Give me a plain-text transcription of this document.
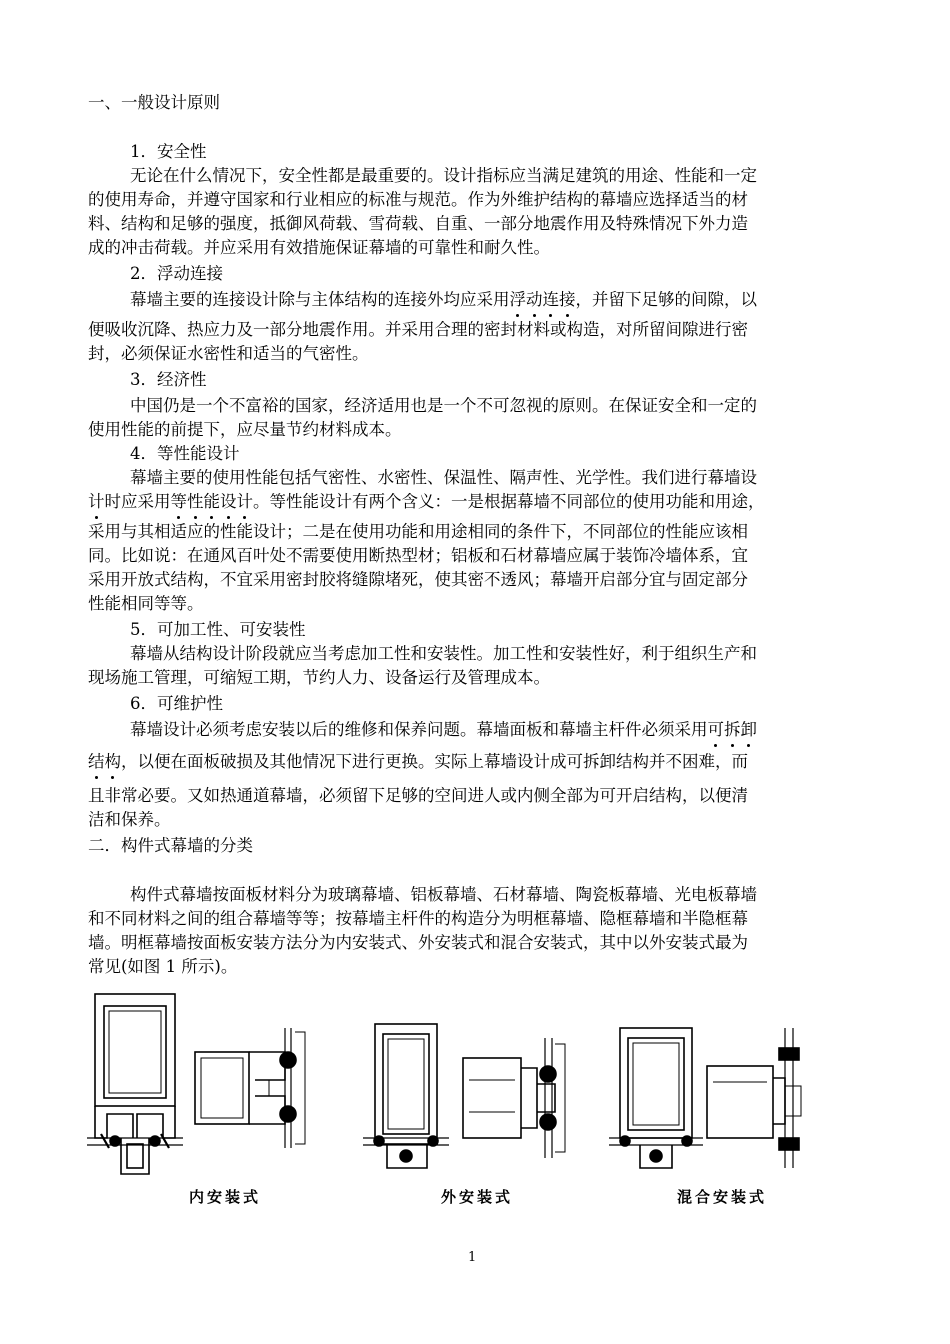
一、一般设计原则
1．安全性
无论在什么情况下，安全性都是最重要的。设计指标应当满足建筑的用途、性能和一定
的使用寿命，并遵守国家和行业相应的标准与规范。作为外维护结构的幕墙应选择适当的材
料、结构和足够的强度，抵御风荷载、雪荷载、自重、一部分地震作用及特殊情况下外力造
成的冲击荷载。并应采用有效措施保证幕墙的可靠性和耐久性。
2．浮动连接
幕墙主要的连接设计除与主体结构的连接外均应采用浮动连接，并留下足够的间隙，以
便吸收沉降、热应力及一部分地震作用。并采用合理的密封材料或构造，对所留间隙进行密
封，必须保证水密性和适当的气密性。
3．经济性
中国仍是一个不富裕的国家，经济适用也是一个不可忽视的原则。在保证安全和一定的
使用性能的前提下，应尽量节约材料成本。
4．等性能设计
幕墙主要的使用性能包括气密性、水密性、保温性、隔声性、光学性。我们进行幕墙设
计时应采用等性能设计。等性能设计有两个含义：一是根据幕墙不同部位的使用功能和用途，
采用与其相适应的性能设计；二是在使用功能和用途相同的条件下，不同部位的性能应该相
同。比如说：在通风百叶处不需要使用断热型材；铝板和石材幕墙应属于装饰冷墙体系，宜
采用开放式结构，不宜采用密封胶将缝隙堵死，使其密不透风；幕墙开启部分宜与固定部分
性能相同等等。
5．可加工性、可安装性
幕墙从结构设计阶段就应当考虑加工性和安装性。加工性和安装性好，利于组织生产和
现场施工管理，可缩短工期，节约人力、设备运行及管理成本。
6．可维护性
幕墙设计必须考虑安装以后的维修和保养问题。幕墙面板和幕墙主杆件必须采用可拆卸
结构，以便在面板破损及其他情况下进行更换。实际上幕墙设计成可拆卸结构并不困难，而
且非常必要。又如热通道幕墙，必须留下足够的空间进人或内侧全部为可开启结构，以便清
洁和保养。
二．构件式幕墙的分类
构件式幕墙按面板材料分为玻璃幕墙、铝板幕墙、石材幕墙、陶瓷板幕墙、光电板幕墙
和不同材料之间的组合幕墙等等；按幕墙主杆件的构造分为明框幕墙、隐框幕墙和半隐框幕
墙。明框幕墙按面板安装方法分为内安装式、外安装式和混合安装式，其中以外安装式最为
常见(如图 1 所示)。
内安装式	外安装式	混合安装式
1
